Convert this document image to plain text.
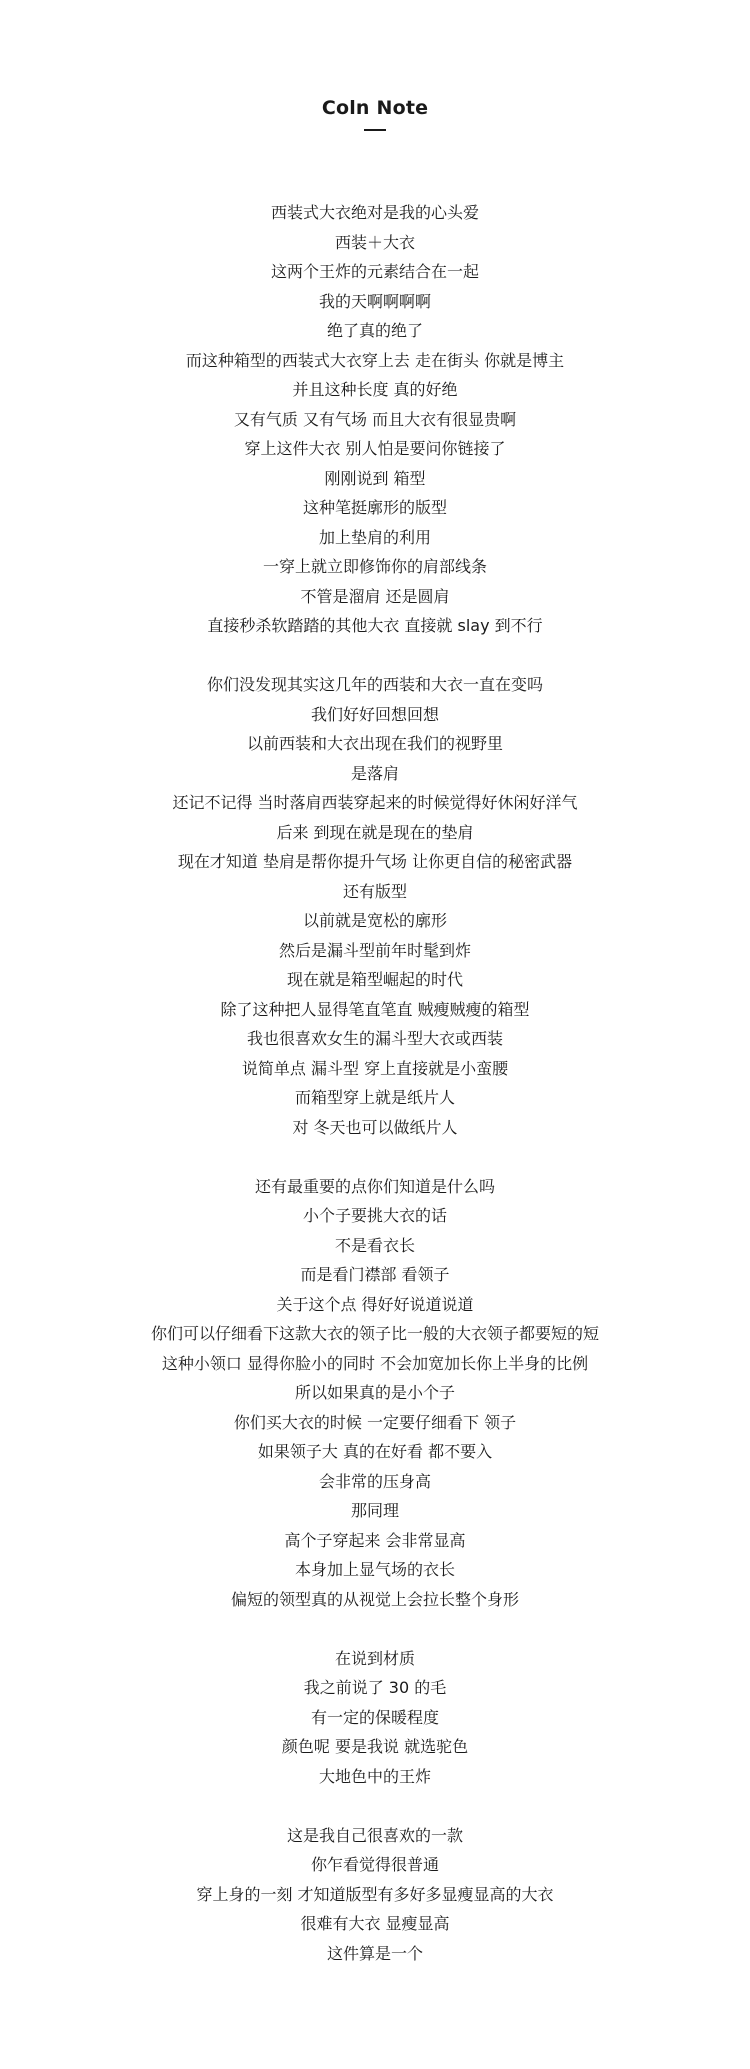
Coln Note
西装式大衣绝对是我的心头爱
西装＋大衣
这两个王炸的元素结合在一起
我的天啊啊啊啊
绝了真的绝了
而这种箱型的西装式大衣穿上去 走在街头 你就是博主
并且这种长度 真的好绝
又有气质 又有气场 而且大衣有很显贵啊
穿上这件大衣 别人怕是要问你链接了
刚刚说到 箱型
这种笔挺廓形的版型
加上垫肩的利用
一穿上就立即修饰你的肩部线条
不管是溜肩 还是圆肩
直接秒杀软踏踏的其他大衣 直接就 slay 到不行
你们没发现其实这几年的西装和大衣一直在变吗
我们好好回想回想
以前西装和大衣出现在我们的视野里
是落肩
还记不记得 当时落肩西装穿起来的时候觉得好休闲好洋气
后来 到现在就是现在的垫肩
现在才知道 垫肩是帮你提升气场 让你更自信的秘密武器
还有版型
以前就是宽松的廓形
然后是漏斗型前年时髦到炸
现在就是箱型崛起的时代
除了这种把人显得笔直笔直 贼瘦贼瘦的箱型
我也很喜欢女生的漏斗型大衣或西装
说简单点 漏斗型 穿上直接就是小蛮腰
而箱型穿上就是纸片人
对 冬天也可以做纸片人
还有最重要的点你们知道是什么吗
小个子要挑大衣的话
不是看衣长
而是看门襟部 看领子
关于这个点 得好好说道说道
你们可以仔细看下这款大衣的领子比一般的大衣领子都要短的短
这种小领口 显得你脸小的同时 不会加宽加长你上半身的比例
所以如果真的是小个子
你们买大衣的时候 一定要仔细看下 领子
如果领子大 真的在好看 都不要入
会非常的压身高
那同理
高个子穿起来 会非常显高
本身加上显气场的衣长
偏短的领型真的从视觉上会拉长整个身形
在说到材质
我之前说了 30 的毛
有一定的保暖程度
颜色呢 要是我说 就选驼色
大地色中的王炸
这是我自己很喜欢的一款
你乍看觉得很普通
穿上身的一刻 才知道版型有多好多显瘦显高的大衣
很难有大衣 显瘦显高
这件算是一个
